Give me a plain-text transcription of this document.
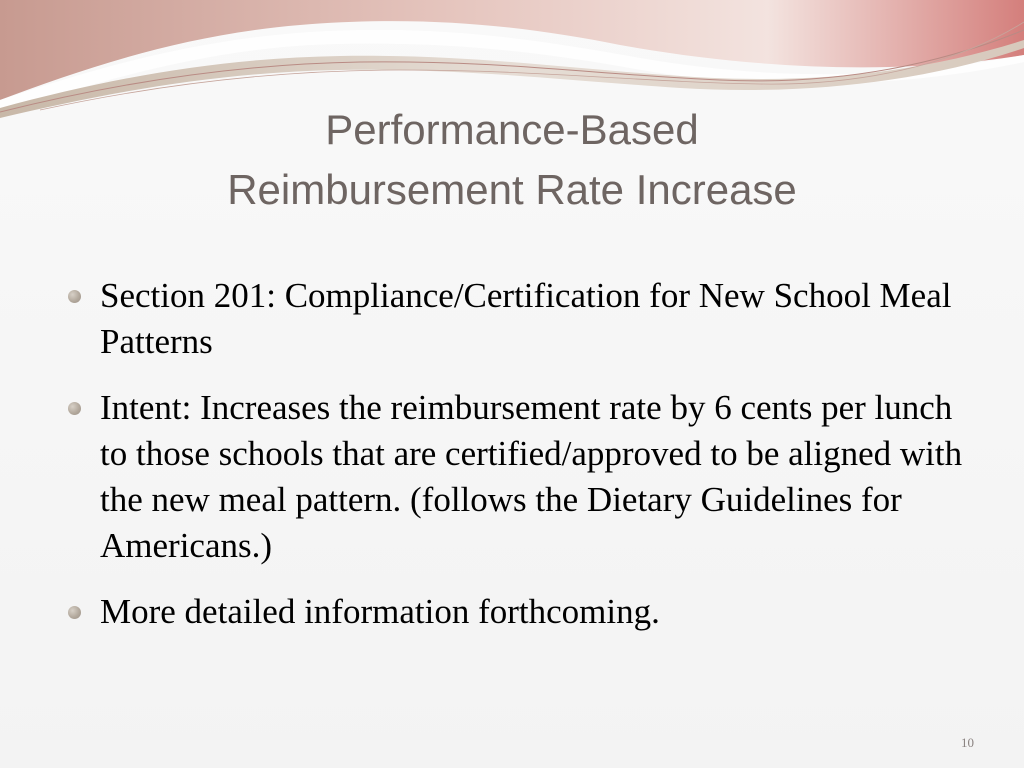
Performance-Based
Reimbursement Rate Increase
Section 201: Compliance/Certification for New School Meal Patterns
Intent: Increases the reimbursement rate by 6 cents per lunch to those schools that are certified/approved to be aligned with the new meal pattern. (follows the Dietary Guidelines for Americans.)
More detailed information forthcoming.
10
